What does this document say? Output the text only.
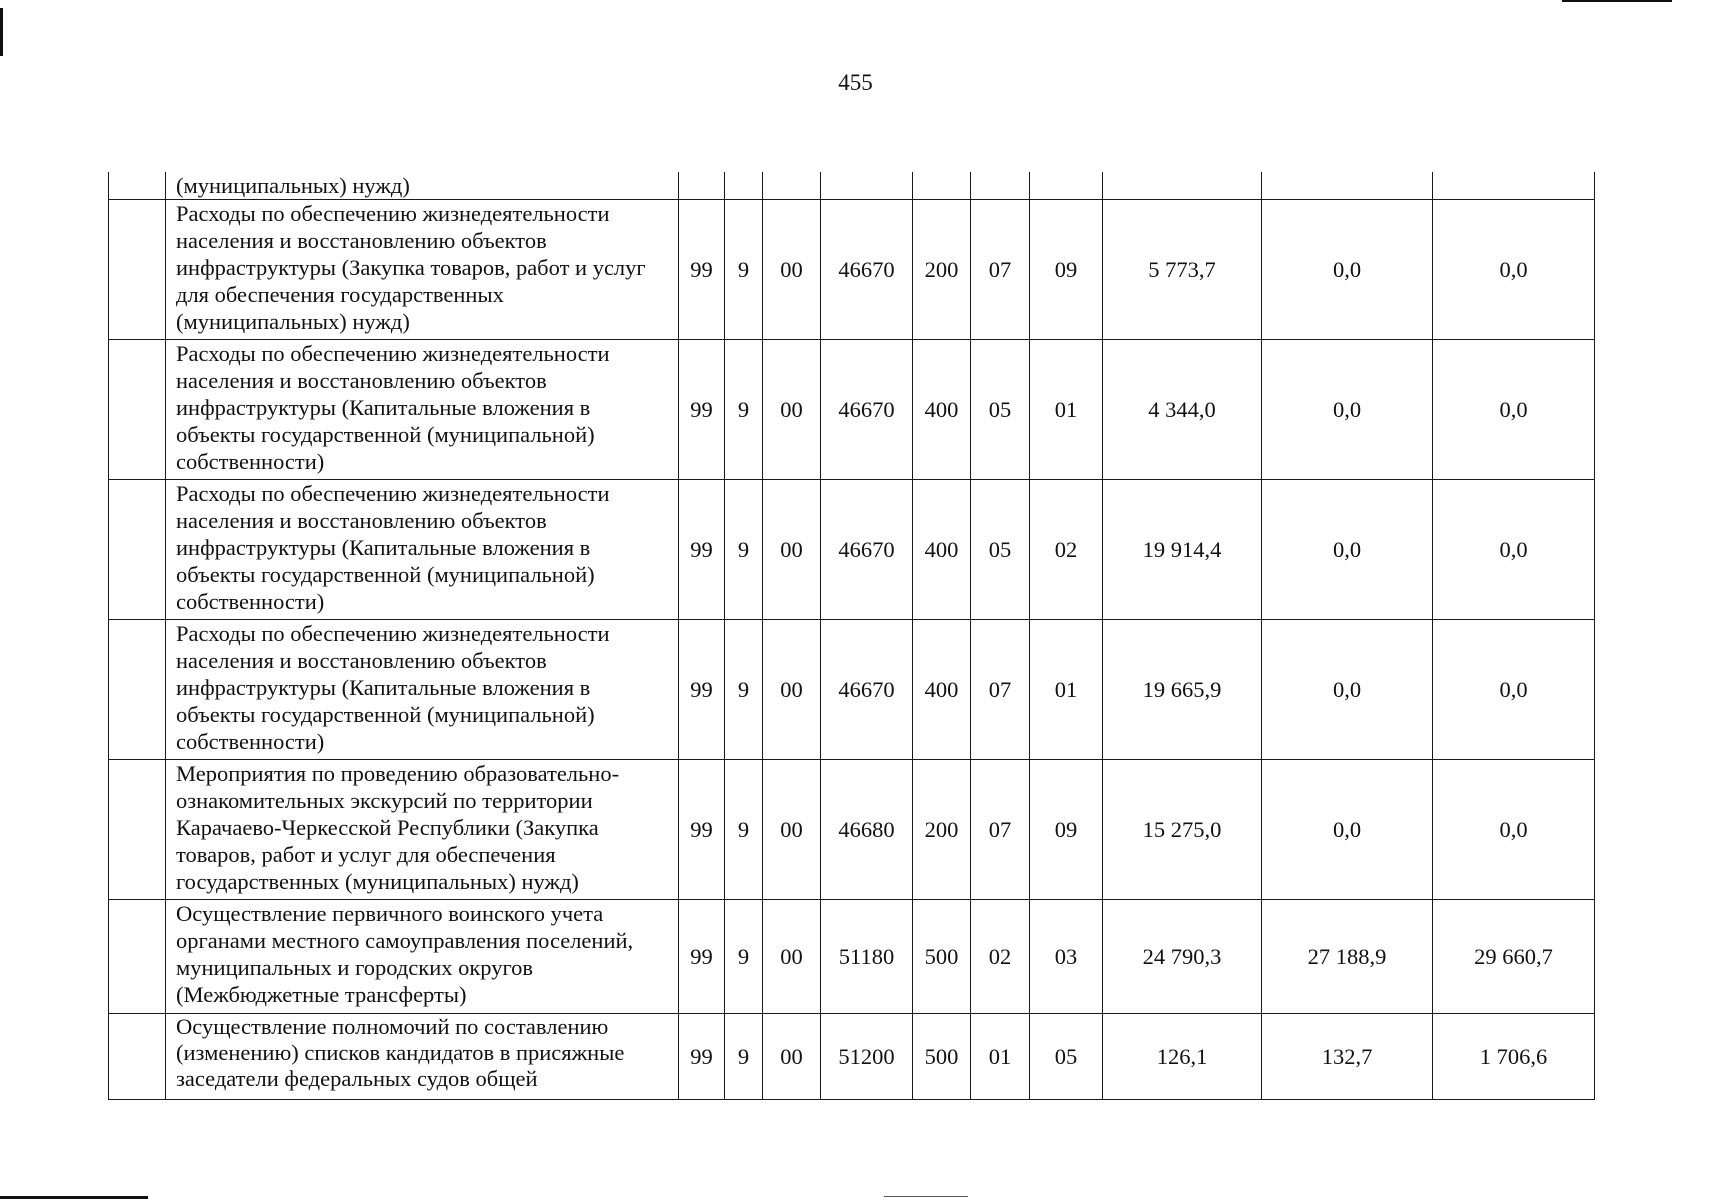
455
	(муниципальных) нужд)										
	Расходы по обеспечению жизнедеятельности населения и восстановлению объектов инфраструктуры (Закупка товаров, работ и услуг для обеспечения государственных (муниципальных) нужд)	99	9	00	46670	200	07	09	5 773,7	0,0	0,0
	Расходы по обеспечению жизнедеятельности населения и восстановлению объектов инфраструктуры (Капитальные вложения в объекты государственной (муниципальной) собственности)	99	9	00	46670	400	05	01	4 344,0	0,0	0,0
	Расходы по обеспечению жизнедеятельности населения и восстановлению объектов инфраструктуры (Капитальные вложения в объекты государственной (муниципальной) собственности)	99	9	00	46670	400	05	02	19 914,4	0,0	0,0
	Расходы по обеспечению жизнедеятельности населения и восстановлению объектов инфраструктуры (Капитальные вложения в объекты государственной (муниципальной) собственности)	99	9	00	46670	400	07	01	19 665,9	0,0	0,0
	Мероприятия по проведению образовательно-ознакомительных экскурсий по территории Карачаево-Черкесской Республики (Закупка товаров, работ и услуг для обеспечения государственных (муниципальных) нужд)	99	9	00	46680	200	07	09	15 275,0	0,0	0,0
	Осуществление первичного воинского учета органами местного самоуправления поселений, муниципальных и городских округов (Межбюджетные трансферты)	99	9	00	51180	500	02	03	24 790,3	27 188,9	29 660,7
	Осуществление полномочий по составлению (изменению) списков кандидатов в присяжные заседатели федеральных судов общей	99	9	00	51200	500	01	05	126,1	132,7	1 706,6
